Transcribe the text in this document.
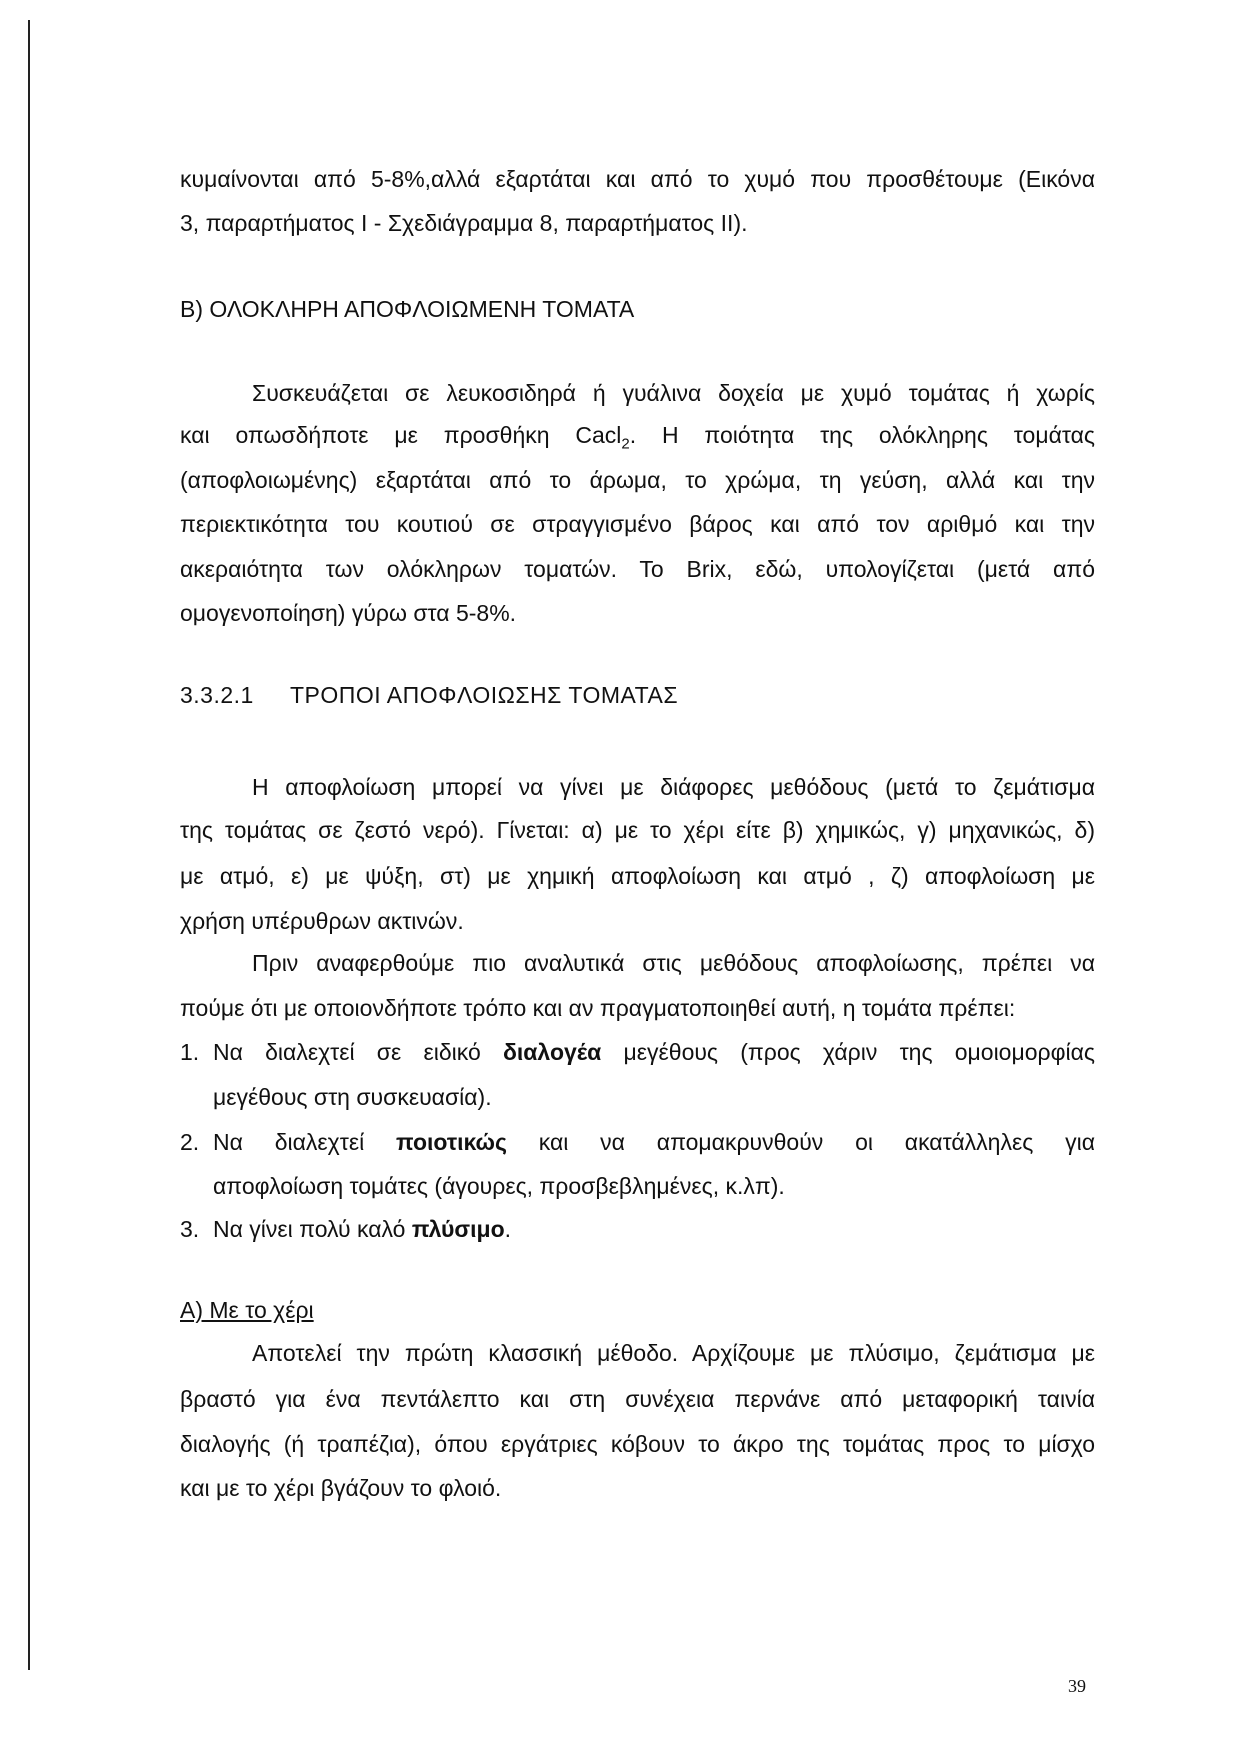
κυμαίνονται από 5-8%,αλλά εξαρτάται και από το χυμό που προσθέτουμε (Εικόνα
3, παραρτήματος Ι - Σχεδιάγραμμα 8, παραρτήματος ΙΙ).
Β) ΟΛΟΚΛΗΡΗ ΑΠΟΦΛΟΙΩΜΕΝΗ ΤΟΜΑΤΑ
Συσκευάζεται σε λευκοσιδηρά ή γυάλινα δοχεία με χυμό τομάτας ή χωρίς
και οπωσδήποτε με προσθήκη Cacl$_2$. Η ποιότητα της ολόκληρης τομάτας
(αποφλοιωμένης) εξαρτάται από το άρωμα, το χρώμα, τη γεύση, αλλά και την
περιεκτικότητα του κουτιού σε στραγγισμένο βάρος και από τον αριθμό και την
ακεραιότητα των ολόκληρων τοματών. Το Brix, εδώ, υπολογίζεται (μετά από
ομογενοποίηση) γύρω στα 5-8%.
3.3.2.1 ΤΡΟΠΟΙ ΑΠΟΦΛΟΙΩΣΗΣ ΤΟΜΑΤΑΣ
Η αποφλοίωση μπορεί να γίνει με διάφορες μεθόδους (μετά το ζεμάτισμα
της τομάτας σε ζεστό νερό). Γίνεται: α) με το χέρι είτε β) χημικώς, γ) μηχανικώς, δ)
με ατμό, ε) με ψύξη, στ) με χημική αποφλοίωση και ατμό , ζ) αποφλοίωση με
χρήση υπέρυθρων ακτινών.
Πριν αναφερθούμε πιο αναλυτικά στις μεθόδους αποφλοίωσης, πρέπει να
πούμε ότι με οποιονδήποτε τρόπο και αν πραγματοποιηθεί αυτή, η τομάτα πρέπει:
1. Να διαλεχτεί σε ειδικό διαλογέα μεγέθους (προς χάριν της ομοιομορφίας
μεγέθους στη συσκευασία).
2. Να διαλεχτεί ποιοτικώς και να απομακρυνθούν οι ακατάλληλες για
αποφλοίωση τομάτες (άγουρες, προσβεβλημένες, κ.λπ).
3. Να γίνει πολύ καλό πλύσιμο.
Α) Με το χέρι
Αποτελεί την πρώτη κλασσική μέθοδο. Αρχίζουμε με πλύσιμο, ζεμάτισμα με
βραστό για ένα πεντάλεπτο και στη συνέχεια περνάνε από μεταφορική ταινία
διαλογής (ή τραπέζια), όπου εργάτριες κόβουν το άκρο της τομάτας προς το μίσχο
και με το χέρι βγάζουν το φλοιό.
39
